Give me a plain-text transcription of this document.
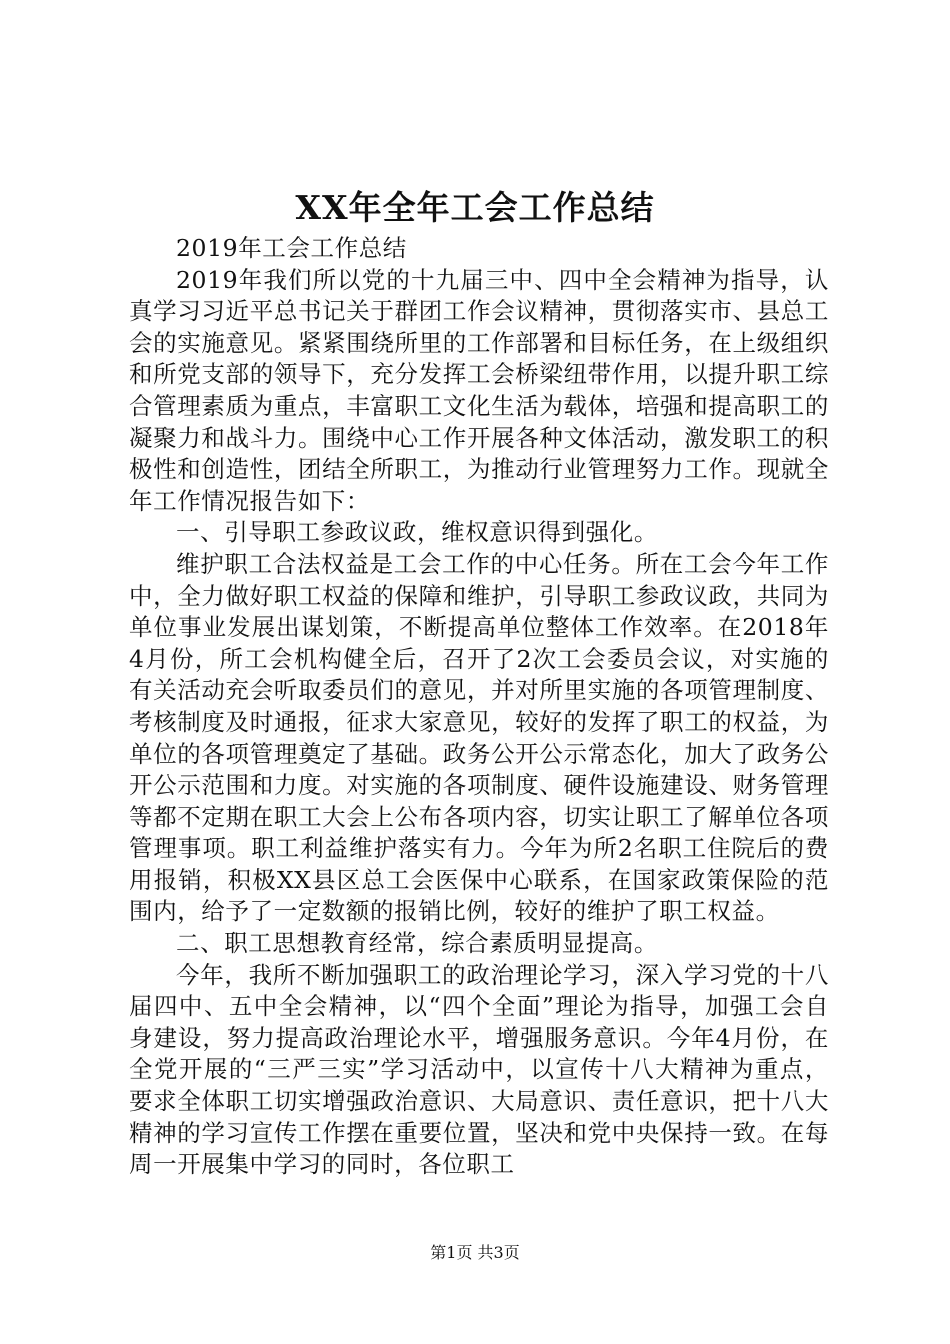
XX年全年工会工作总结

2019年工会工作总结

2019年我们所以党的十九届三中、四中全会精神为指导，认真学习习近平总书记关于群团工作会议精神，贯彻落实市、县总工会的实施意见。紧紧围绕所里的工作部署和目标任务，在上级组织和所党支部的领导下，充分发挥工会桥梁纽带作用，以提升职工综合管理素质为重点，丰富职工文化生活为载体，培强和提高职工的凝聚力和战斗力。围绕中心工作开展各种文体活动，激发职工的积极性和创造性，团结全所职工，为推动行业管理努力工作。现就全年工作情况报告如下：

一、引导职工参政议政，维权意识得到强化。

维护职工合法权益是工会工作的中心任务。所在工会今年工作中，全力做好职工权益的保障和维护，引导职工参政议政，共同为单位事业发展出谋划策，不断提高单位整体工作效率。在2018年4月份，所工会机构健全后，召开了2次工会委员会议，对实施的有关活动充会听取委员们的意见，并对所里实施的各项管理制度、考核制度及时通报，征求大家意见，较好的发挥了职工的权益，为单位的各项管理奠定了基础。政务公开公示常态化，加大了政务公开公示范围和力度。对实施的各项制度、硬件设施建设、财务管理等都不定期在职工大会上公布各项内容，切实让职工了解单位各项管理事项。职工利益维护落实有力。今年为所2名职工住院后的费用报销，积极XX县区总工会医保中心联系，在国家政策保险的范围内，给予了一定数额的报销比例，较好的维护了职工权益。

二、职工思想教育经常，综合素质明显提高。

今年，我所不断加强职工的政治理论学习，深入学习党的十八届四中、五中全会精神，以“四个全面”理论为指导，加强工会自身建设，努力提高政治理论水平，增强服务意识。今年4月份，在全党开展的“三严三实”学习活动中，以宣传十八大精神为重点，要求全体职工切实增强政治意识、大局意识、责任意识，把十八大精神的学习宣传工作摆在重要位置，坚决和党中央保持一致。在每周一开展集中学习的同时，各位职工

第1页 共3页
